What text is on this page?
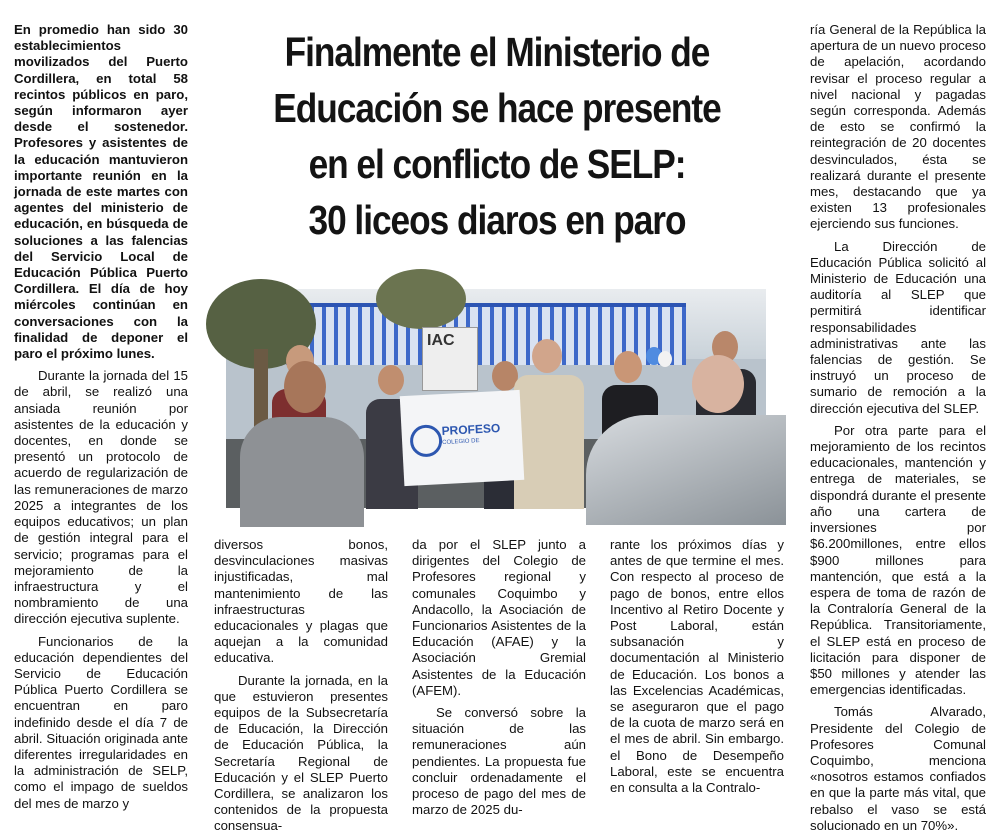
En promedio han sido 30 establecimientos movilizados del Puerto Cordillera, en total 58 recintos públicos en paro, según informaron ayer desde el sostenedor. Profesores y asistentes de la educación mantuvieron importante reunión en la jornada de este martes con agentes del ministerio de educación, en búsqueda de soluciones a las falencias del Servicio Local de Educación Pública Puerto Cordillera. El día de hoy miércoles continúan en conversaciones con la finalidad de deponer el paro el próximo lunes.

Durante la jornada del 15 de abril, se realizó una ansiada reunión por asistentes de la educación y docentes, en donde se presentó un protocolo de acuerdo de regularización de las remuneraciones de marzo 2025 a integrantes de los equipos educativos; un plan de gestión integral para el servicio; programas para el mejoramiento de la infraestructura y el nombramiento de una dirección ejecutiva suplente.

Funcionarios de la educación dependientes del Servicio de Educación Pública Puerto Cordillera se encuentran en paro indefinido desde el día 7 de abril. Situación originada ante diferentes irregularidades en la administración de SELP, como el impago de sueldos del mes de marzo y

Finalmente el Ministerio de
Educación se hace presente
en el conflicto de SELP:
30 liceos diaros en paro
IAC
COLEGIO DE
PROFESO

diversos bonos, desvinculaciones masivas injustificadas, mal mantenimiento de las infraestructuras educacionales y plagas que aquejan a la comunidad educativa.

Durante la jornada, en la que estuvieron presentes equipos de la Subsecretaría de Educación, la Dirección de Educación Pública, la Secretaría Regional de Educación y el SLEP Puerto Cordillera, se analizaron los contenidos de la propuesta consensua-

da por el SLEP junto a dirigentes del Colegio de Profesores regional y comunales Coquimbo y Andacollo, la Asociación de Funcionarios Asistentes de la Educación (AFAE) y la Asociación Gremial Asistentes de la Educación (AFEM).

Se conversó sobre la situación de las remuneraciones aún pendientes. La propuesta fue concluir ordenadamente el proceso de pago del mes de marzo de 2025 du-

rante los próximos días y antes de que termine el mes. Con respecto al proceso de pago de bonos, entre ellos Incentivo al Retiro Docente y Post Laboral, están subsanación y documentación al Ministerio de Educación. Los bonos a las Excelencias Académicas, se aseguraron que el pago de la cuota de marzo será en el mes de abril. Sin embargo. el Bono de Desempeño Laboral, este se encuentra en consulta a la Contralo-

ría General de la República la apertura de un nuevo proceso de apelación, acordando revisar el proceso regular a nivel nacional y pagadas según corresponda. Además de esto se confirmó la reintegración de 20 docentes desvinculados, ésta se realizará durante el presente mes, destacando que ya existen 13 profesionales ejerciendo sus funciones.

La Dirección de Educación Pública solicitó al Ministerio de Educación una auditoría al SLEP que permitirá identificar responsabilidades administrativas ante las falencias de gestión. Se instruyó un proceso de sumario de remoción a la dirección ejecutiva del SLEP.

Por otra parte para el mejoramiento de los recintos educacionales, mantención y entrega de materiales, se dispondrá durante el presente año una cartera de inversiones por $6.200millones, entre ellos $900 millones para mantención, que está a la espera de toma de razón de la Contraloría General de la República. Transitoriamente, el SLEP está en proceso de licitación para disponer de $50 millones y atender las emergencias identificadas.

Tomás Alvarado, Presidente del Colegio de Profesores Comunal Coquimbo, menciona «nosotros estamos confiados en que la parte más vital, que rebalso el vaso se está solucionado en un 70%».
